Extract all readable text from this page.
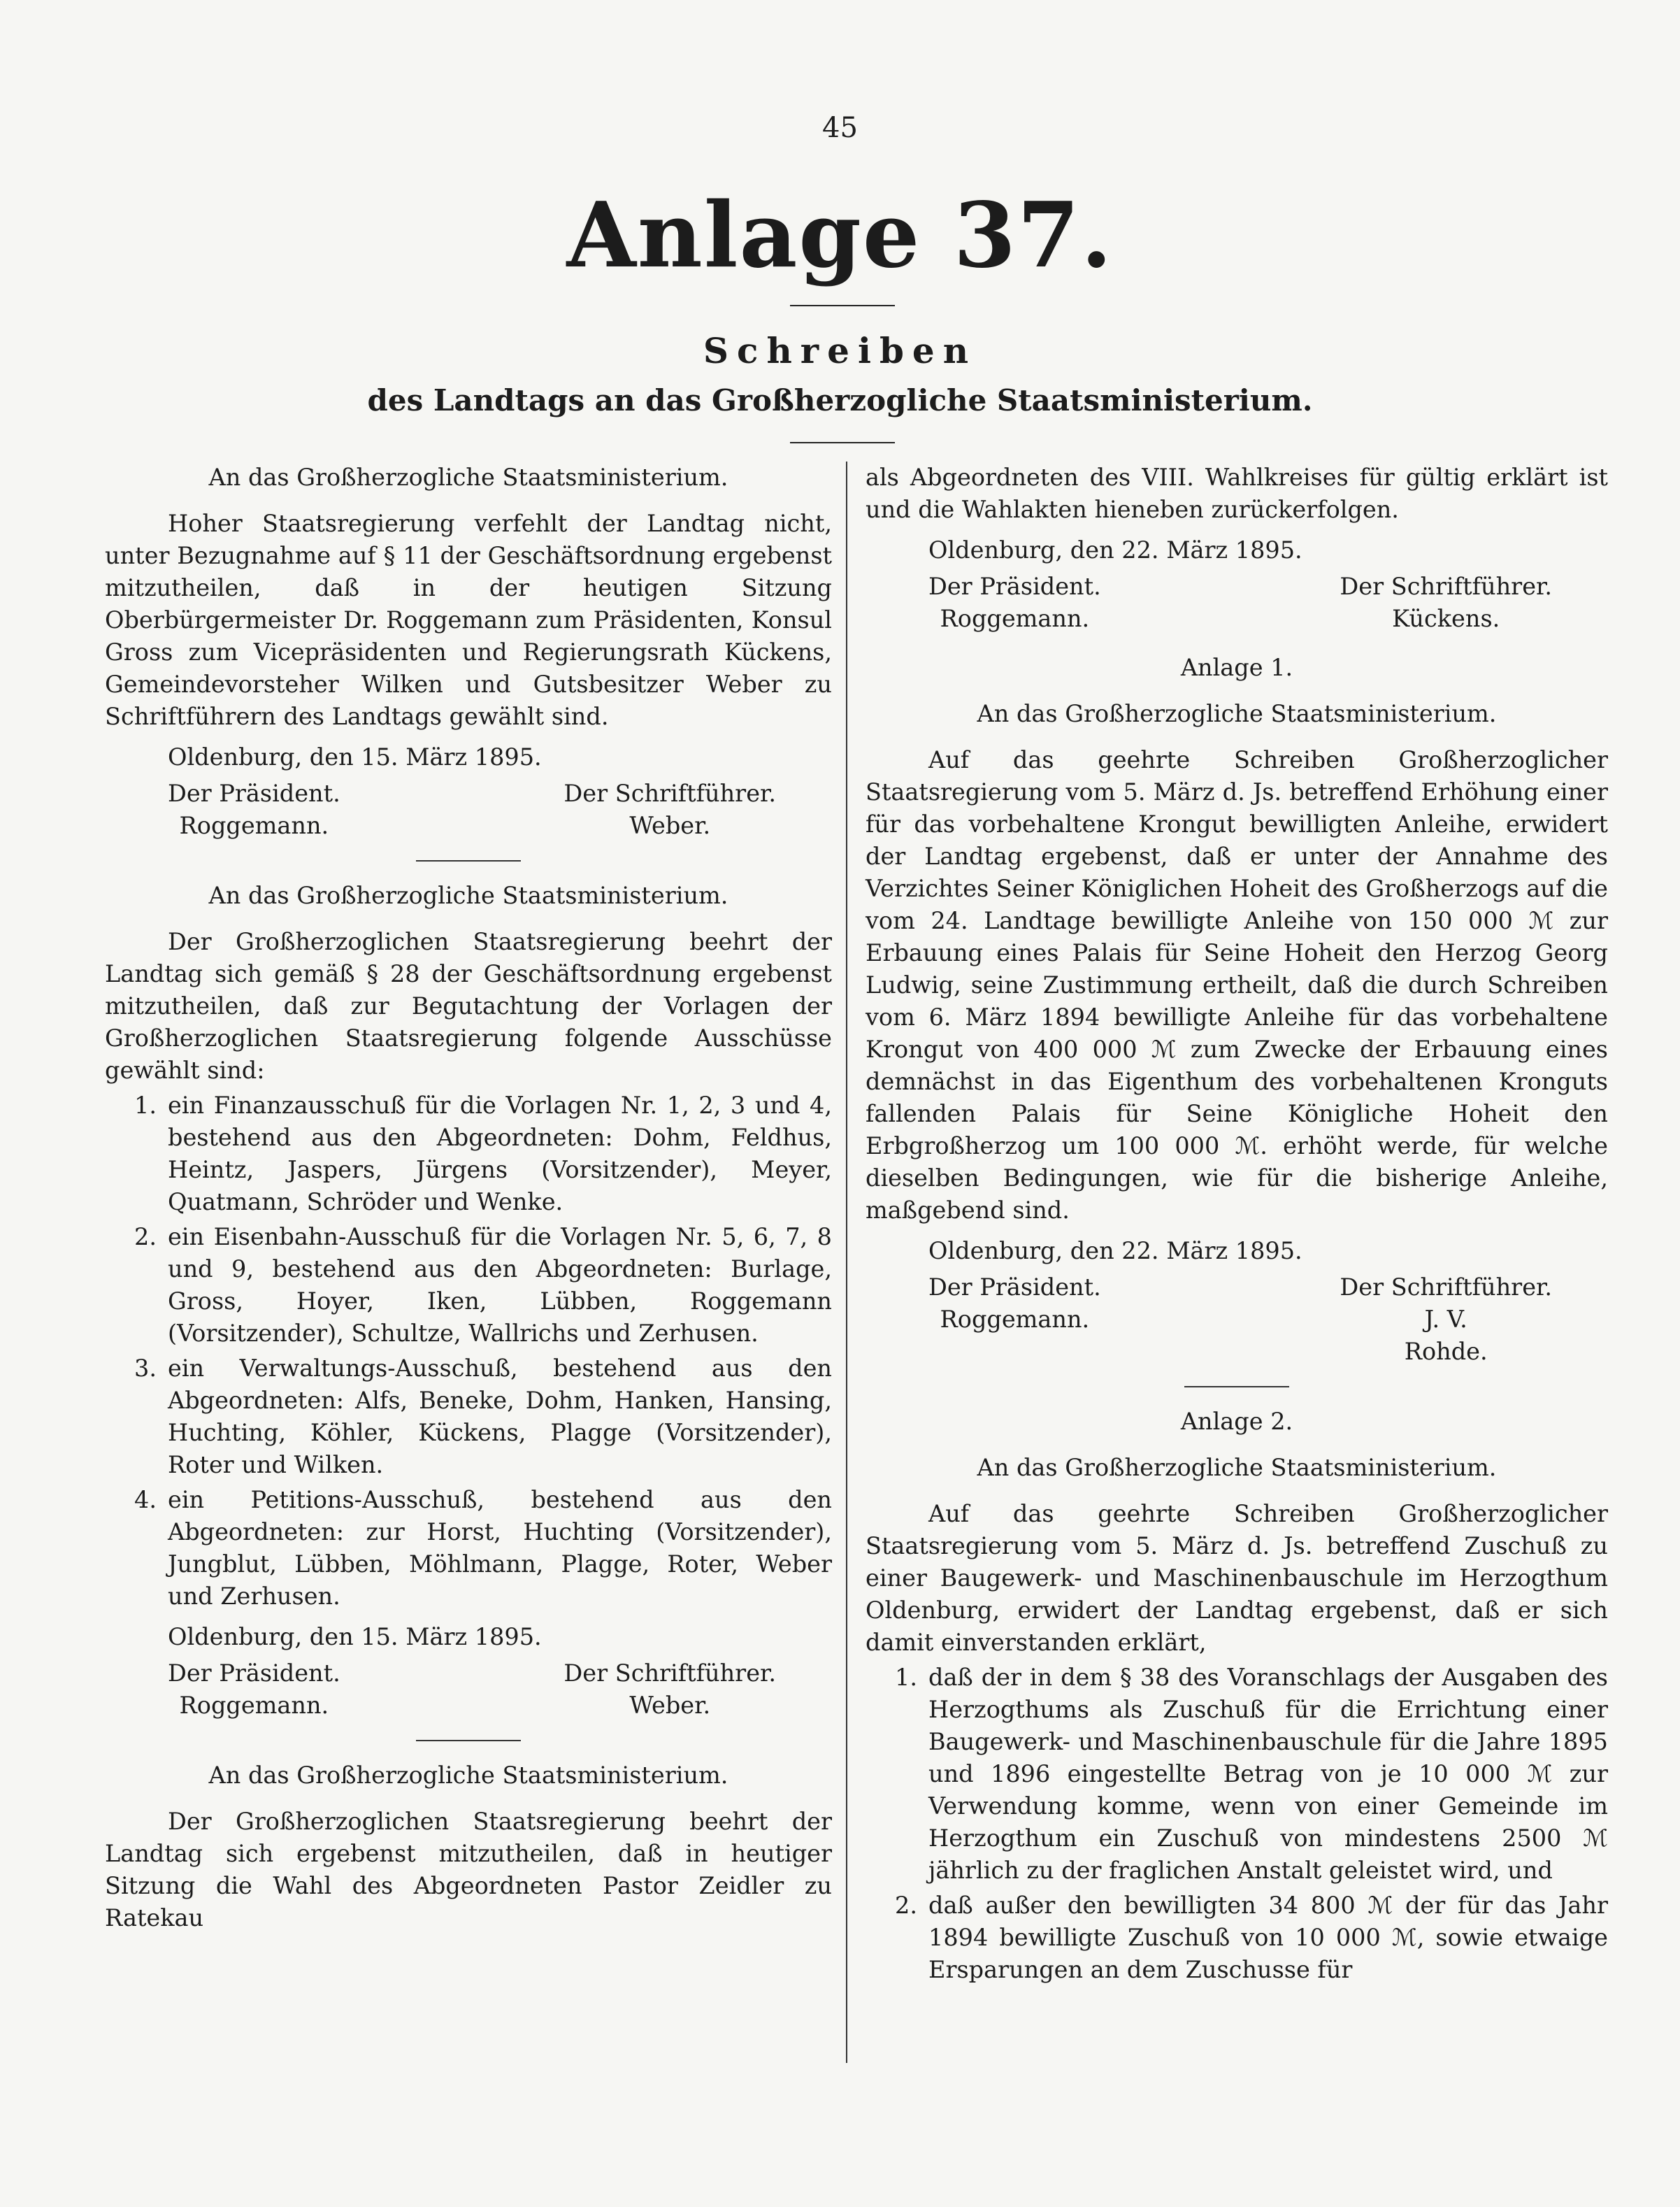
45
Anlage 37.
Schreiben
des Landtags an das Großherzogliche Staatsministerium.

An das Großherzogliche Staatsministerium.

Hoher Staatsregierung verfehlt der Landtag nicht, unter Bezugnahme auf § 11 der Geschäftsordnung ergebenst mitzutheilen, daß in der heutigen Sitzung Oberbürgermeister Dr. Roggemann zum Präsidenten, Konsul Gross zum Vicepräsidenten und Regierungsrath Kückens, Gemeindevorsteher Wilken und Gutsbesitzer Weber zu Schriftführern des Landtags gewählt sind.

Oldenburg, den 15. März 1895.

Der Präsident.
Roggemann.
Der Schriftführer.
Weber.

An das Großherzogliche Staatsministerium.

Der Großherzoglichen Staatsregierung beehrt der Landtag sich gemäß § 28 der Geschäftsordnung ergebenst mitzutheilen, daß zur Begutachtung der Vorlagen der Großherzoglichen Staatsregierung folgende Ausschüsse gewählt sind:

1. ein Finanzausschuß für die Vorlagen Nr. 1, 2, 3 und 4, bestehend aus den Abgeordneten: Dohm, Feldhus, Heintz, Jaspers, Jürgens (Vorsitzender), Meyer, Quatmann, Schröder und Wenke.
2. ein Eisenbahn-Ausschuß für die Vorlagen Nr. 5, 6, 7, 8 und 9, bestehend aus den Abgeordneten: Burlage, Gross, Hoyer, Iken, Lübben, Roggemann (Vorsitzender), Schultze, Wallrichs und Zerhusen.
3. ein Verwaltungs-Ausschuß, bestehend aus den Abgeordneten: Alfs, Beneke, Dohm, Hanken, Hansing, Huchting, Köhler, Kückens, Plagge (Vorsitzender), Roter und Wilken.
4. ein Petitions-Ausschuß, bestehend aus den Abgeordneten: zur Horst, Huchting (Vorsitzender), Jungblut, Lübben, Möhlmann, Plagge, Roter, Weber und Zerhusen.

Oldenburg, den 15. März 1895.

Der Präsident.
Roggemann.
Der Schriftführer.
Weber.

An das Großherzogliche Staatsministerium.

Der Großherzoglichen Staatsregierung beehrt der Landtag sich ergebenst mitzutheilen, daß in heutiger Sitzung die Wahl des Abgeordneten Pastor Zeidler zu Ratekau

als Abgeordneten des VIII. Wahlkreises für gültig erklärt ist und die Wahlakten hieneben zurückerfolgen.

Oldenburg, den 22. März 1895.

Der Präsident.
Roggemann.
Der Schriftführer.
Kückens.

Anlage 1.

An das Großherzogliche Staatsministerium.

Auf das geehrte Schreiben Großherzoglicher Staatsregierung vom 5. März d. Js. betreffend Erhöhung einer für das vorbehaltene Krongut bewilligten Anleihe, erwidert der Landtag ergebenst, daß er unter der Annahme des Verzichtes Seiner Königlichen Hoheit des Großherzogs auf die vom 24. Landtage bewilligte Anleihe von 150 000 ℳ zur Erbauung eines Palais für Seine Hoheit den Herzog Georg Ludwig, seine Zustimmung ertheilt, daß die durch Schreiben vom 6. März 1894 bewilligte Anleihe für das vorbehaltene Krongut von 400 000 ℳ zum Zwecke der Erbauung eines demnächst in das Eigenthum des vorbehaltenen Kronguts fallenden Palais für Seine Königliche Hoheit den Erbgroßherzog um 100 000 ℳ. erhöht werde, für welche dieselben Bedingungen, wie für die bisherige Anleihe, maßgebend sind.

Oldenburg, den 22. März 1895.

Der Präsident.
Roggemann.
Der Schriftführer.
J. V.
Rohde.

Anlage 2.

An das Großherzogliche Staatsministerium.

Auf das geehrte Schreiben Großherzoglicher Staatsregierung vom 5. März d. Js. betreffend Zuschuß zu einer Baugewerk- und Maschinenbauschule im Herzogthum Oldenburg, erwidert der Landtag ergebenst, daß er sich damit einverstanden erklärt,

1. daß der in dem § 38 des Voranschlags der Ausgaben des Herzogthums als Zuschuß für die Errichtung einer Baugewerk- und Maschinenbauschule für die Jahre 1895 und 1896 eingestellte Betrag von je 10 000 ℳ zur Verwendung komme, wenn von einer Gemeinde im Herzogthum ein Zuschuß von mindestens 2500 ℳ jährlich zu der fraglichen Anstalt geleistet wird, und
2. daß außer den bewilligten 34 800 ℳ der für das Jahr 1894 bewilligte Zuschuß von 10 000 ℳ, sowie etwaige Ersparungen an dem Zuschusse für
